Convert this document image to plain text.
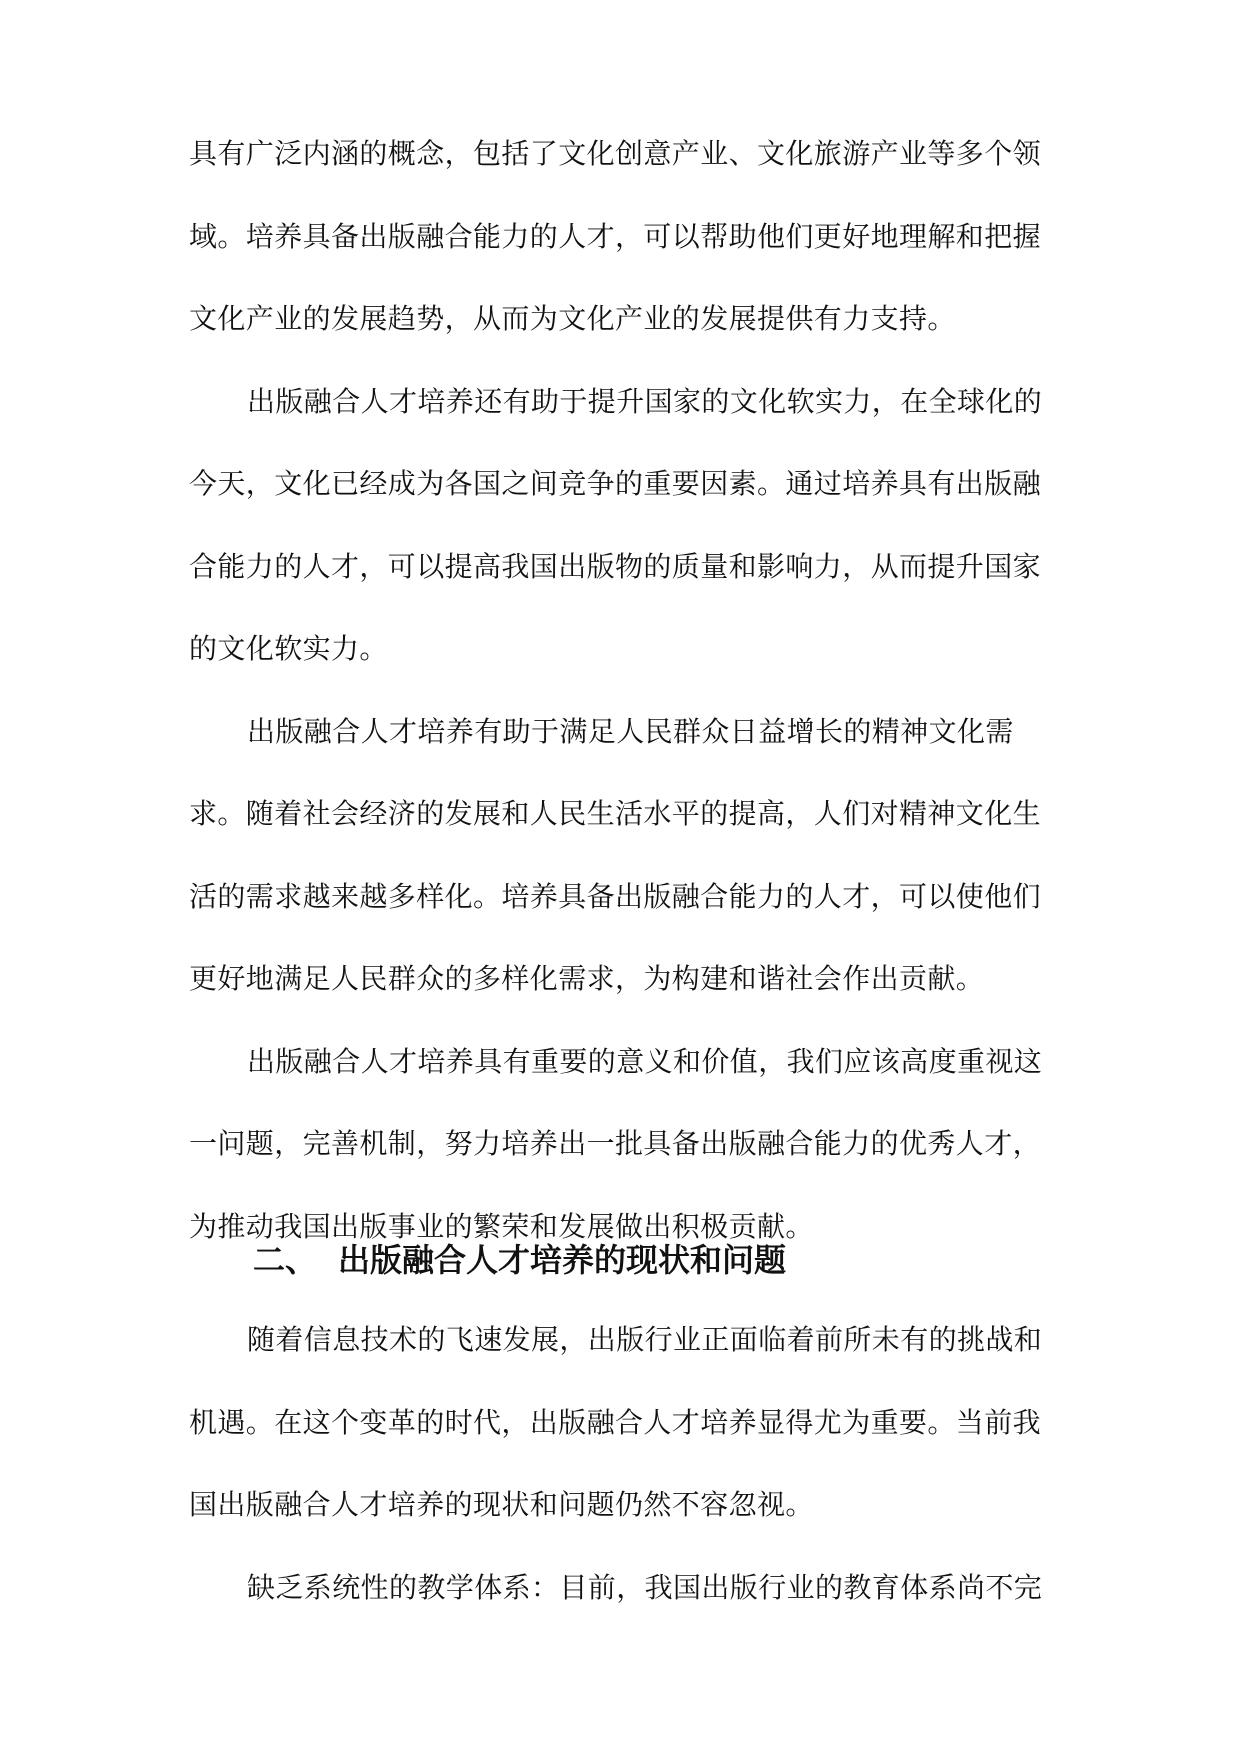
具有广泛内涵的概念，包括了文化创意产业、文化旅游产业等多个领
域。培养具备出版融合能力的人才，可以帮助他们更好地理解和把握
文化产业的发展趋势，从而为文化产业的发展提供有力支持。
出版融合人才培养还有助于提升国家的文化软实力，在全球化的
今天，文化已经成为各国之间竞争的重要因素。通过培养具有出版融
合能力的人才，可以提高我国出版物的质量和影响力，从而提升国家
的文化软实力。
出版融合人才培养有助于满足人民群众日益增长的精神文化需
求。随着社会经济的发展和人民生活水平的提高，人们对精神文化生
活的需求越来越多样化。培养具备出版融合能力的人才，可以使他们
更好地满足人民群众的多样化需求，为构建和谐社会作出贡献。
出版融合人才培养具有重要的意义和价值，我们应该高度重视这
一问题，完善机制，努力培养出一批具备出版融合能力的优秀人才，
为推动我国出版事业的繁荣和发展做出积极贡献。
二、 出版融合人才培养的现状和问题
随着信息技术的飞速发展，出版行业正面临着前所未有的挑战和
机遇。在这个变革的时代，出版融合人才培养显得尤为重要。当前我
国出版融合人才培养的现状和问题仍然不容忽视。
缺乏系统性的教学体系：目前，我国出版行业的教育体系尚不完
